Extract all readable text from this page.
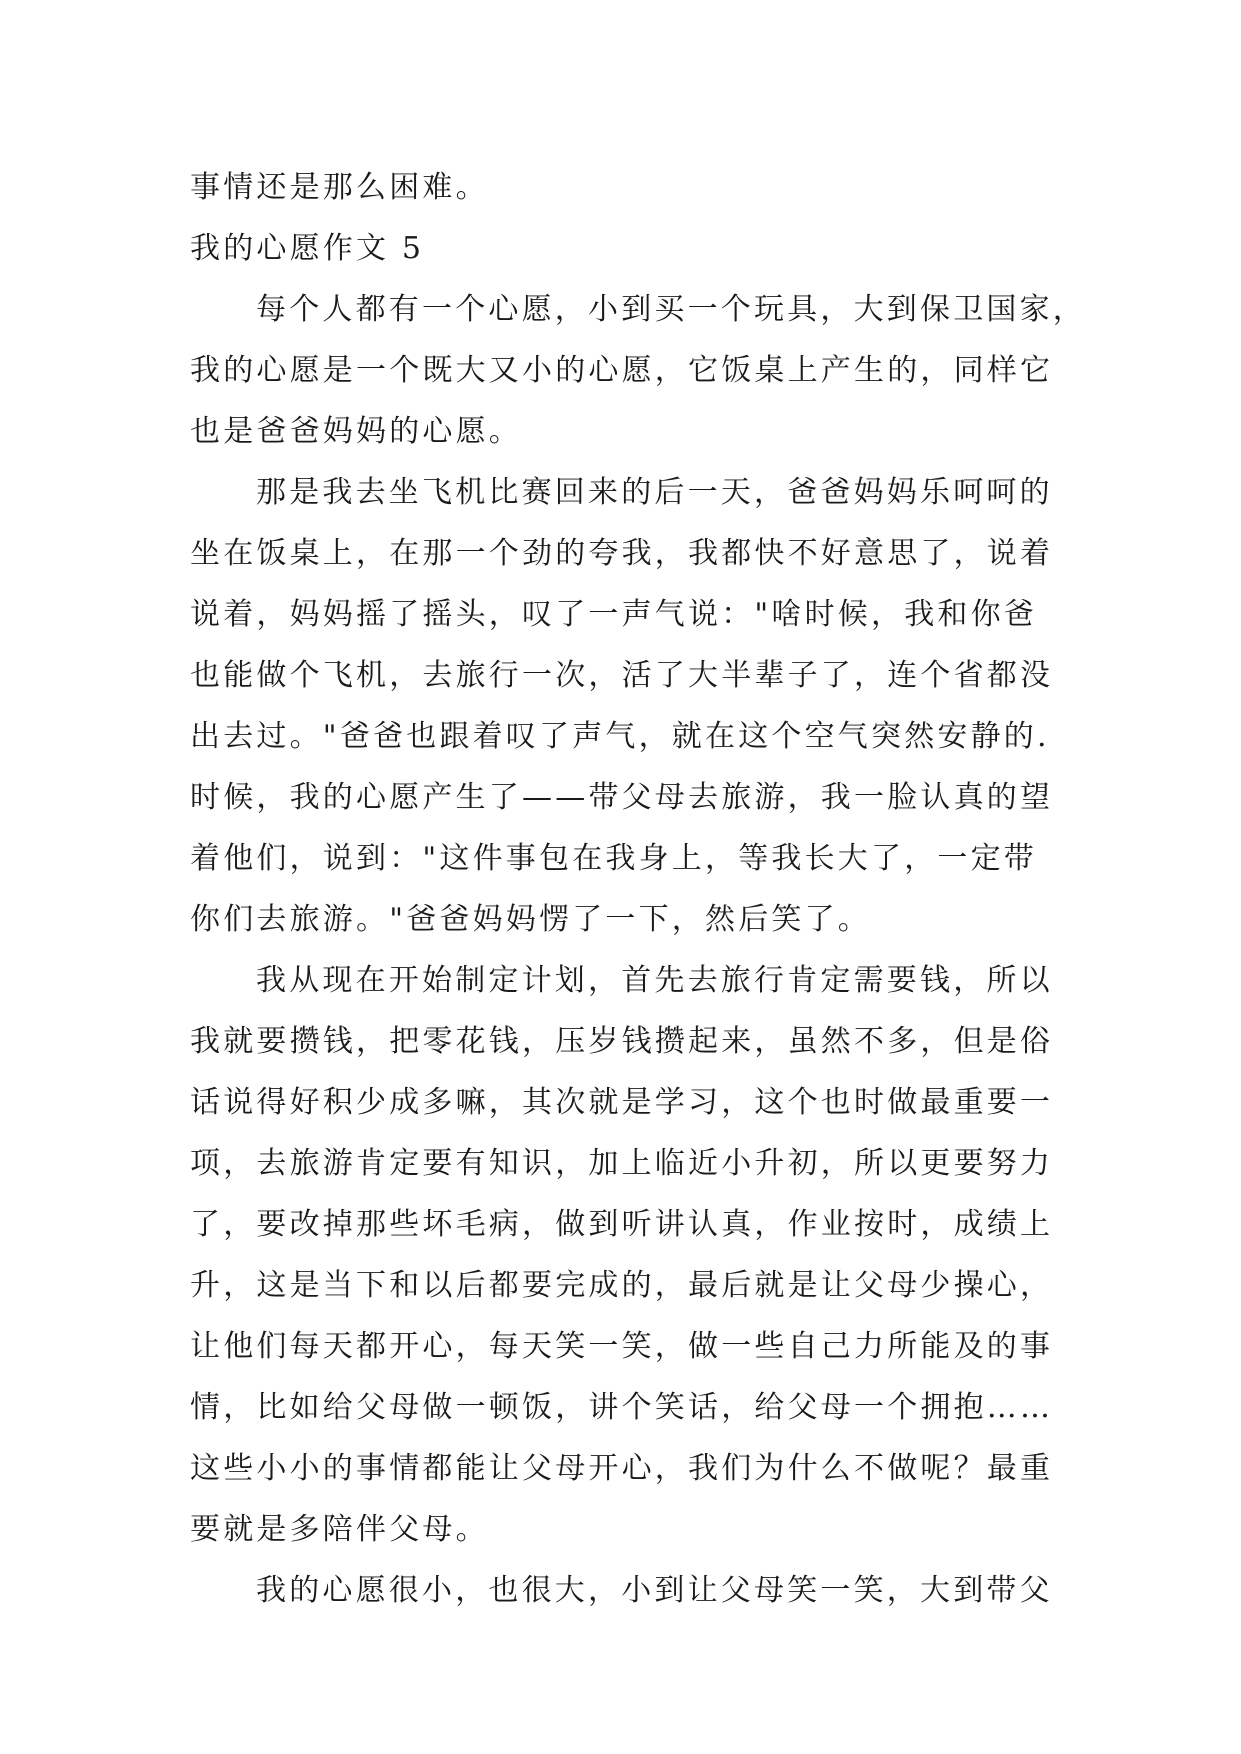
事情还是那么困难。
我的心愿作文 5
每个人都有一个心愿，小到买一个玩具，大到保卫国家，
我的心愿是一个既大又小的心愿，它饭桌上产生的，同样它
也是爸爸妈妈的心愿。
那是我去坐飞机比赛回来的后一天，爸爸妈妈乐呵呵的
坐在饭桌上，在那一个劲的夸我，我都快不好意思了，说着
说着，妈妈摇了摇头，叹了一声气说："啥时候，我和你爸
也能做个飞机，去旅行一次，活了大半辈子了，连个省都没
出去过。"爸爸也跟着叹了声气，就在这个空气突然安静的.
时候，我的心愿产生了——带父母去旅游，我一脸认真的望
着他们，说到："这件事包在我身上，等我长大了，一定带
你们去旅游。"爸爸妈妈愣了一下，然后笑了。
我从现在开始制定计划，首先去旅行肯定需要钱，所以
我就要攒钱，把零花钱，压岁钱攒起来，虽然不多，但是俗
话说得好积少成多嘛，其次就是学习，这个也时做最重要一
项，去旅游肯定要有知识，加上临近小升初，所以更要努力
了，要改掉那些坏毛病，做到听讲认真，作业按时，成绩上
升，这是当下和以后都要完成的，最后就是让父母少操心，
让他们每天都开心，每天笑一笑，做一些自己力所能及的事
情，比如给父母做一顿饭，讲个笑话，给父母一个拥抱……
这些小小的事情都能让父母开心，我们为什么不做呢？最重
要就是多陪伴父母。
我的心愿很小，也很大，小到让父母笑一笑，大到带父
